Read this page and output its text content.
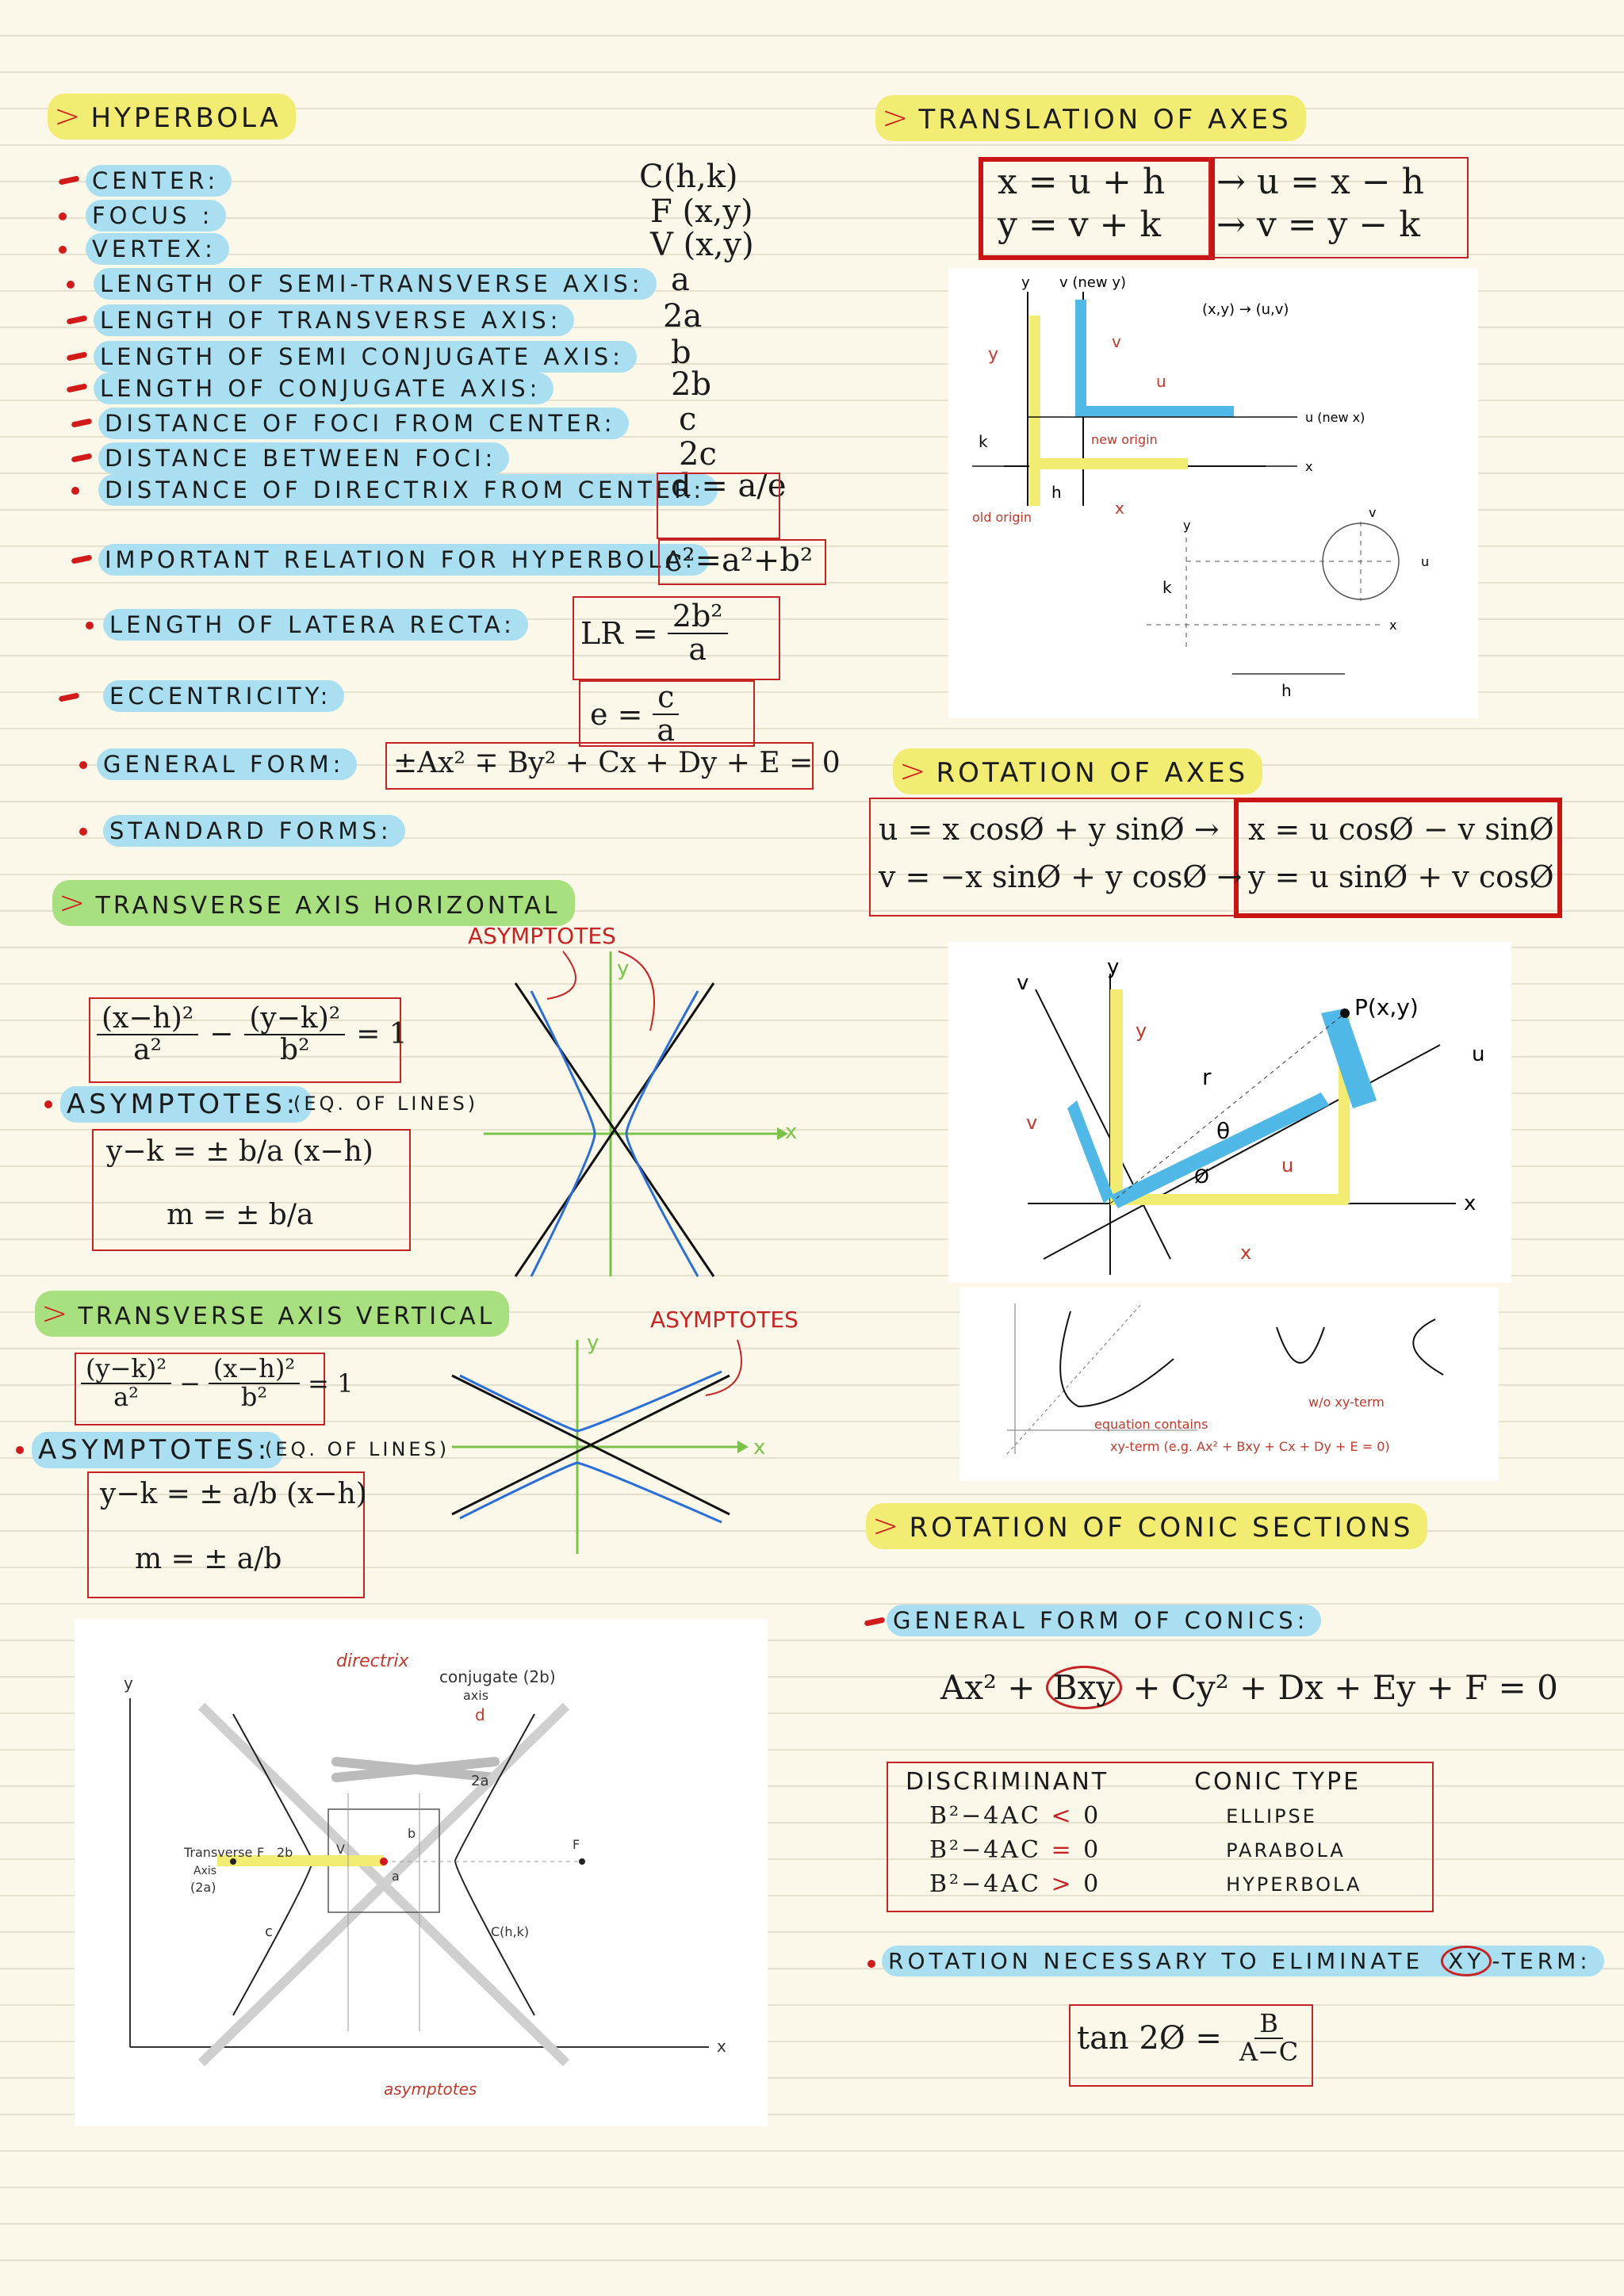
> HYPERBOLA
CENTER:	C(h,k)
FOCUS :	F (x,y)
VERTEX:	V (x,y)
LENGTH OF SEMI-TRANSVERSE AXIS: a
LENGTH OF TRANSVERSE AXIS:	2a
LENGTH OF SEMI CONJUGATE AXIS:	b
LENGTH OF CONJUGATE AXIS:	2b
DISTANCE OF FOCI FROM CENTER:	c
DISTANCE BETWEEN FOCI:	2c
DISTANCE OF DIRECTRIX FROM CENTER:
d = a/e
IMPORTANT RELATION FOR HYPERBOLA:
c²=a²+b²
LENGTH OF LATERA RECTA:	LR = $\frac{\text{2b²}}{a}$
ECCENTRICITY:
$e = \frac{c}{a}$
GENERAL FORM:	±Ax² ∓ By² + Cx + Dy + E = 0
STANDARD FORMS:
> TRANSVERSE AXIS HORIZONTAL
$\frac{\text{(x−h)²}}{\text{a²}} - \frac{\text{(y−k)²}}{\text{b²}} = 1$
ASYMPTOTES:
(EQ. OF LINES)
y−k = ± b/a (x−h)
m = ± b/a
x
y
ASYMPTOTES
> TRANSVERSE AXIS VERTICAL
$\frac{\text{(y−k)²}}{\text{a²}} - \frac{\text{(x−h)²}}{\text{b²}} = 1$
ASYMPTOTES:
(EQ. OF LINES)
y−k = ± a/b (x−h)
m = ± a/b
x
y
ASYMPTOTES
y
x
directrix
conjugate (2b)
axis
d
2a
F
F
2b	V
b
a
Transverse
Axis
(2a)
c	C(h,k)
asymptotes
> TRANSLATION OF AXES
x = u + h
y = v + k
→ u = x − h
→ v = y − k
y v (new y)
(x,y) → (u,v)
u (new x)
x
k
h
new origin
old origin
y
v
u
x
y
v
u
x
k
h
> ROTATION OF AXES
u = x cosØ + y sinØ →
v = −x sinØ + y cosØ →
x = u cosØ − v sinØ
y = u sinØ + v cosØ
v
y
P(x,y)
u
r
θ
Ø
x
y
v
u
x
equation contains
xy-term (e.g. Ax² + Bxy + Cx + Dy + E = 0)
w/o xy-term
> ROTATION OF CONIC SECTIONS
GENERAL FORM OF CONICS:
Ax² + Bxy + Cy² + Dx + Ey + F = 0
DISCRIMINANT	CONIC TYPE
B²−4AC < 0	ELLIPSE
B²−4AC = 0	PARABOLA
B²−4AC > 0	HYPERBOLA
ROTATION NECESSARY TO ELIMINATE XY -TERM:
tan 2Ø = $\frac{B}{A-C}$
